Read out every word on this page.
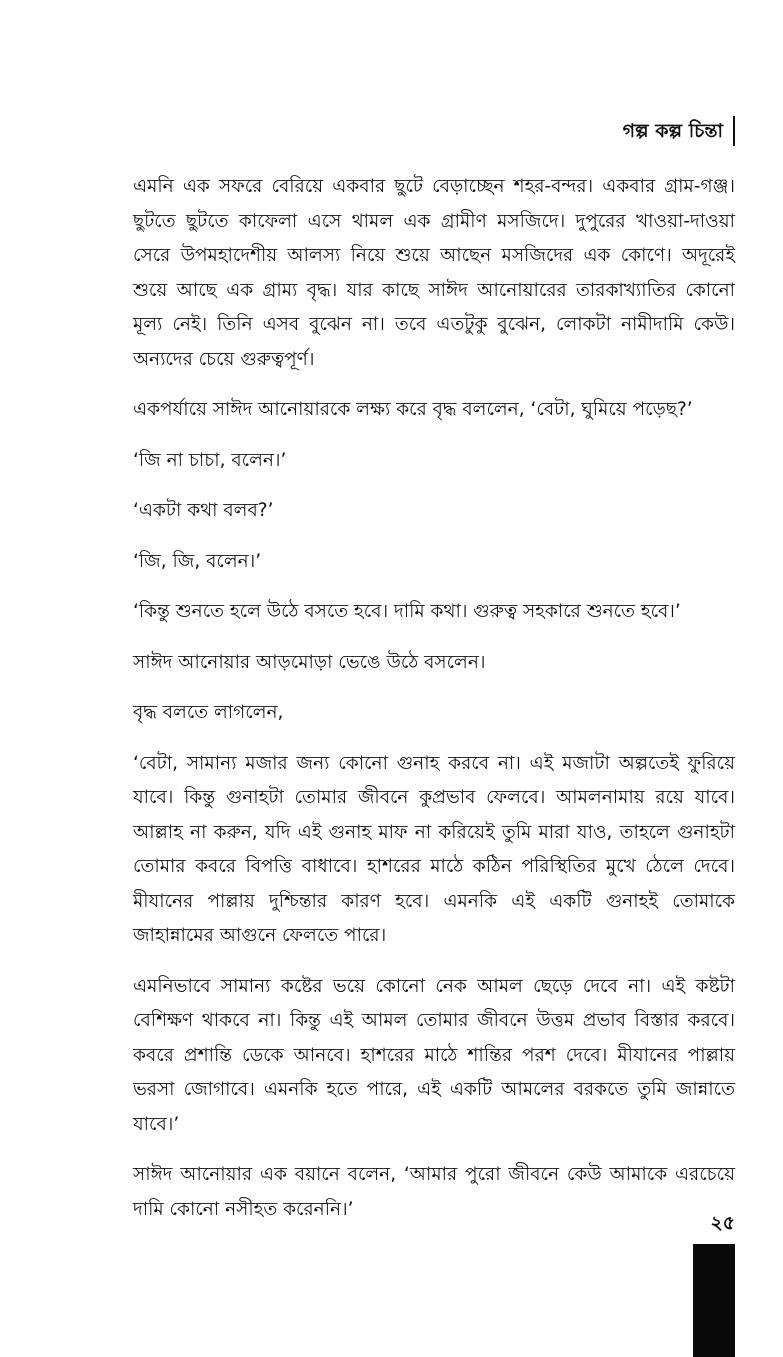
গল্প কল্প চিন্তা

এমনি এক সফরে বেরিয়ে একবার ছুটে বেড়াচ্ছেন শহর-বন্দর। একবার গ্রাম-গঞ্জ। ছুটতে ছুটতে কাফেলা এসে থামল এক গ্রামীণ মসজিদে। দুপুরের খাওয়া-দাওয়া সেরে উপমহাদেশীয় আলস্য নিয়ে শুয়ে আছেন মসজিদের এক কোণে। অদূরেই শুয়ে আছে এক গ্রাম্য বৃদ্ধ। যার কাছে সাঈদ আনোয়ারের তারকাখ্যাতির কোনো মূল্য নেই। তিনি এসব বুঝেন না। তবে এতটুকু বুঝেন, লোকটা নামীদামি কেউ। অন্যদের চেয়ে গুরুত্বপূর্ণ।

একপর্যায়ে সাঈদ আনোয়ারকে লক্ষ্য করে বৃদ্ধ বললেন, ‘বেটা, ঘুমিয়ে পড়েছ?’

‘জি না চাচা, বলেন।’

‘একটা কথা বলব?’

‘জি, জি, বলেন।’

‘কিন্তু শুনতে হলে উঠে বসতে হবে। দামি কথা। গুরুত্ব সহকারে শুনতে হবে।’

সাঈদ আনোয়ার আড়মোড়া ভেঙে উঠে বসলেন।

বৃদ্ধ বলতে লাগলেন,

‘বেটা, সামান্য মজার জন্য কোনো গুনাহ করবে না। এই মজাটা অল্পতেই ফুরিয়ে যাবে। কিন্তু গুনাহটা তোমার জীবনে কুপ্রভাব ফেলবে। আমলনামায় রয়ে যাবে। আল্লাহ না করুন, যদি এই গুনাহ মাফ না করিয়েই তুমি মারা যাও, তাহলে গুনাহটা তোমার কবরে বিপত্তি বাধাবে। হাশরের মাঠে কঠিন পরিস্থিতির মুখে ঠেলে দেবে। মীযানের পাল্লায় দুশ্চিন্তার কারণ হবে। এমনকি এই একটি গুনাহই তোমাকে জাহান্নামের আগুনে ফেলতে পারে।

এমনিভাবে সামান্য কষ্টের ভয়ে কোনো নেক আমল ছেড়ে দেবে না। এই কষ্টটা বেশিক্ষণ থাকবে না। কিন্তু এই আমল তোমার জীবনে উত্তম প্রভাব বিস্তার করবে। কবরে প্রশান্তি ডেকে আনবে। হাশরের মাঠে শান্তির পরশ দেবে। মীযানের পাল্লায় ভরসা জোগাবে। এমনকি হতে পারে, এই একটি আমলের বরকতে তুমি জান্নাতে যাবে।’

সাঈদ আনোয়ার এক বয়ানে বলেন, ‘আমার পুরো জীবনে কেউ আমাকে এরচেয়ে দামি কোনো নসীহত করেননি।’

২৫
